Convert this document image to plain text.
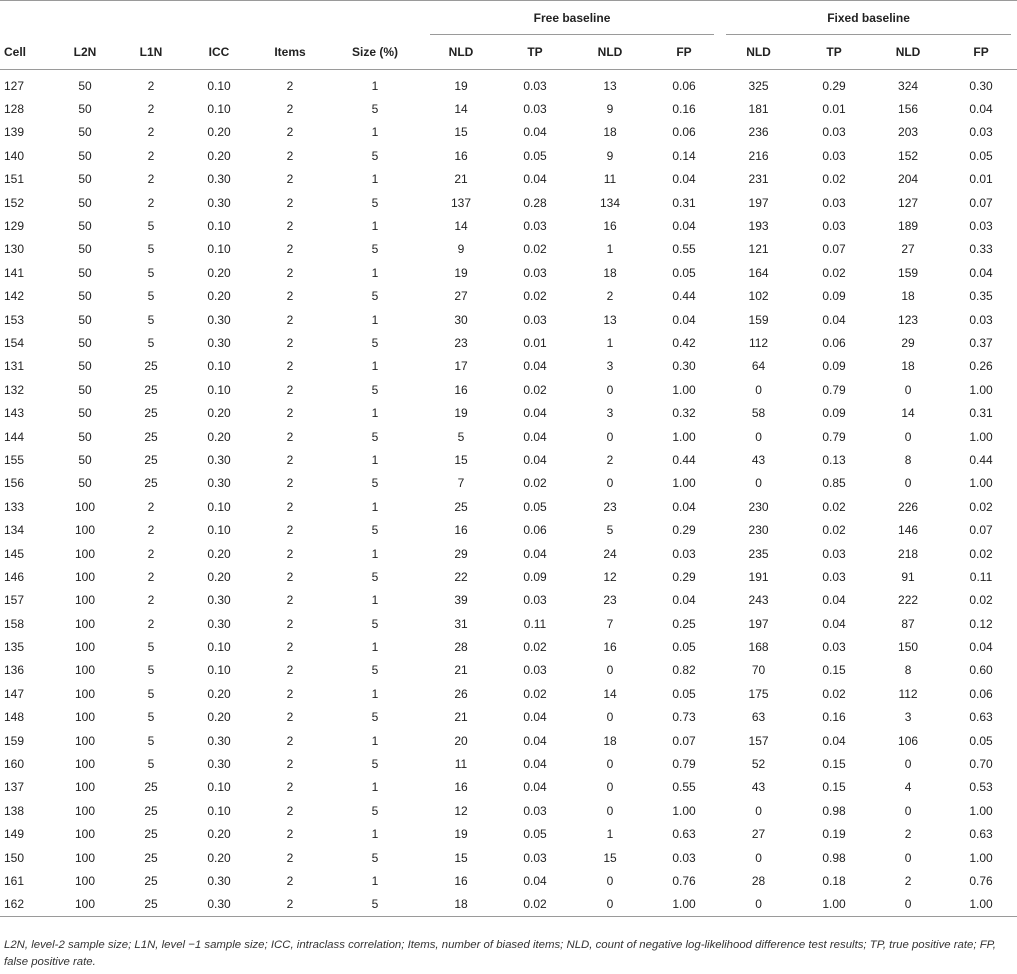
						Free baseline				Fixed baseline			

Cell	L2N	L1N	ICC	Items	Size (%)	NLD	TP	NLD	FP	NLD	TP	NLD	FP
127	50	2	0.10	2	1	19	0.03	13	0.06	325	0.29	324	0.30
128	50	2	0.10	2	5	14	0.03	9	0.16	181	0.01	156	0.04
139	50	2	0.20	2	1	15	0.04	18	0.06	236	0.03	203	0.03
140	50	2	0.20	2	5	16	0.05	9	0.14	216	0.03	152	0.05
151	50	2	0.30	2	1	21	0.04	11	0.04	231	0.02	204	0.01
152	50	2	0.30	2	5	137	0.28	134	0.31	197	0.03	127	0.07
129	50	5	0.10	2	1	14	0.03	16	0.04	193	0.03	189	0.03
130	50	5	0.10	2	5	9	0.02	1	0.55	121	0.07	27	0.33
141	50	5	0.20	2	1	19	0.03	18	0.05	164	0.02	159	0.04
142	50	5	0.20	2	5	27	0.02	2	0.44	102	0.09	18	0.35
153	50	5	0.30	2	1	30	0.03	13	0.04	159	0.04	123	0.03
154	50	5	0.30	2	5	23	0.01	1	0.42	112	0.06	29	0.37
131	50	25	0.10	2	1	17	0.04	3	0.30	64	0.09	18	0.26
132	50	25	0.10	2	5	16	0.02	0	1.00	0	0.79	0	1.00
143	50	25	0.20	2	1	19	0.04	3	0.32	58	0.09	14	0.31
144	50	25	0.20	2	5	5	0.04	0	1.00	0	0.79	0	1.00
155	50	25	0.30	2	1	15	0.04	2	0.44	43	0.13	8	0.44
156	50	25	0.30	2	5	7	0.02	0	1.00	0	0.85	0	1.00
133	100	2	0.10	2	1	25	0.05	23	0.04	230	0.02	226	0.02
134	100	2	0.10	2	5	16	0.06	5	0.29	230	0.02	146	0.07
145	100	2	0.20	2	1	29	0.04	24	0.03	235	0.03	218	0.02
146	100	2	0.20	2	5	22	0.09	12	0.29	191	0.03	91	0.11
157	100	2	0.30	2	1	39	0.03	23	0.04	243	0.04	222	0.02
158	100	2	0.30	2	5	31	0.11	7	0.25	197	0.04	87	0.12
135	100	5	0.10	2	1	28	0.02	16	0.05	168	0.03	150	0.04
136	100	5	0.10	2	5	21	0.03	0	0.82	70	0.15	8	0.60
147	100	5	0.20	2	1	26	0.02	14	0.05	175	0.02	112	0.06
148	100	5	0.20	2	5	21	0.04	0	0.73	63	0.16	3	0.63
159	100	5	0.30	2	1	20	0.04	18	0.07	157	0.04	106	0.05
160	100	5	0.30	2	5	11	0.04	0	0.79	52	0.15	0	0.70
137	100	25	0.10	2	1	16	0.04	0	0.55	43	0.15	4	0.53
138	100	25	0.10	2	5	12	0.03	0	1.00	0	0.98	0	1.00
149	100	25	0.20	2	1	19	0.05	1	0.63	27	0.19	2	0.63
150	100	25	0.20	2	5	15	0.03	15	0.03	0	0.98	0	1.00
161	100	25	0.30	2	1	16	0.04	0	0.76	28	0.18	2	0.76
162	100	25	0.30	2	5	18	0.02	0	1.00	0	1.00	0	1.00
L2N, level-2 sample size; L1N, level −1 sample size; ICC, intraclass correlation; Items, number of biased items; NLD, count of negative log-likelihood difference test results; TP, true positive rate; FP, false positive rate.
